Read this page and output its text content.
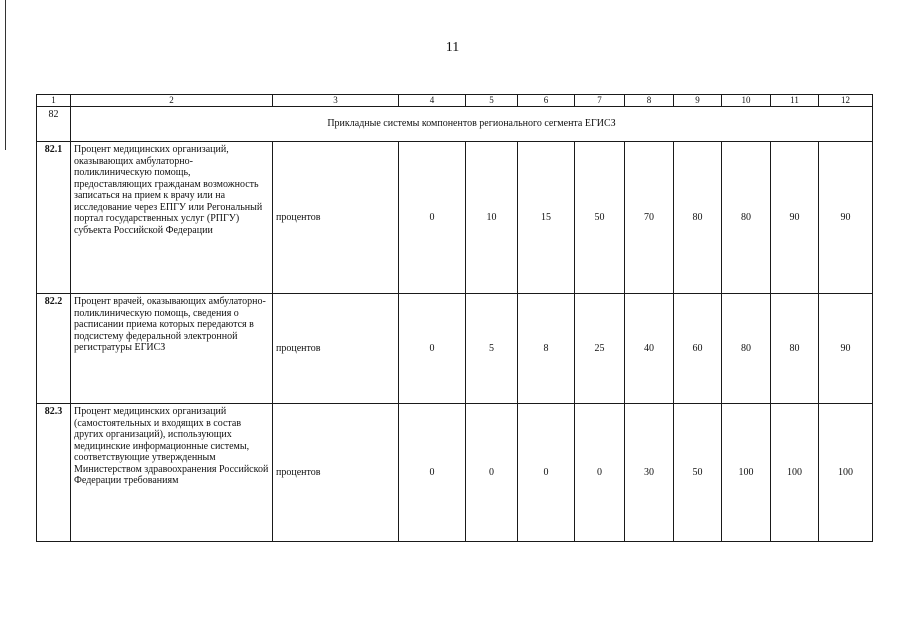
11
1	2	3	4	5	6	7	8	9	10	11	12
82	Прикладные системы компонентов регионального сегмента ЕГИСЗ										
82.1	Процент медицинских организаций, оказывающих амбулаторно-поликлиническую помощь, предоставляющих гражданам возможность записаться на прием к врачу или на исследование через ЕПГУ или Регональный портал государственных услуг (РПГУ) субъекта Российской Федерации	процентов	0	10	15	50	70	80	80	90	90
82.2	Процент врачей, оказывающих амбулаторно-поликлиническую помощь, сведения о расписании приема которых передаются в подсистему федеральной электронной регистратуры ЕГИСЗ	процентов	0	5	8	25	40	60	80	80	90
82.3	Процент медицинских организаций (самостоятельных и входящих в состав других организаций), использующих медицинские информационные системы, соответствующие утвержденным Министерством здравоохранения Российской Федерации требованиям	процентов	0	0	0	0	30	50	100	100	100
